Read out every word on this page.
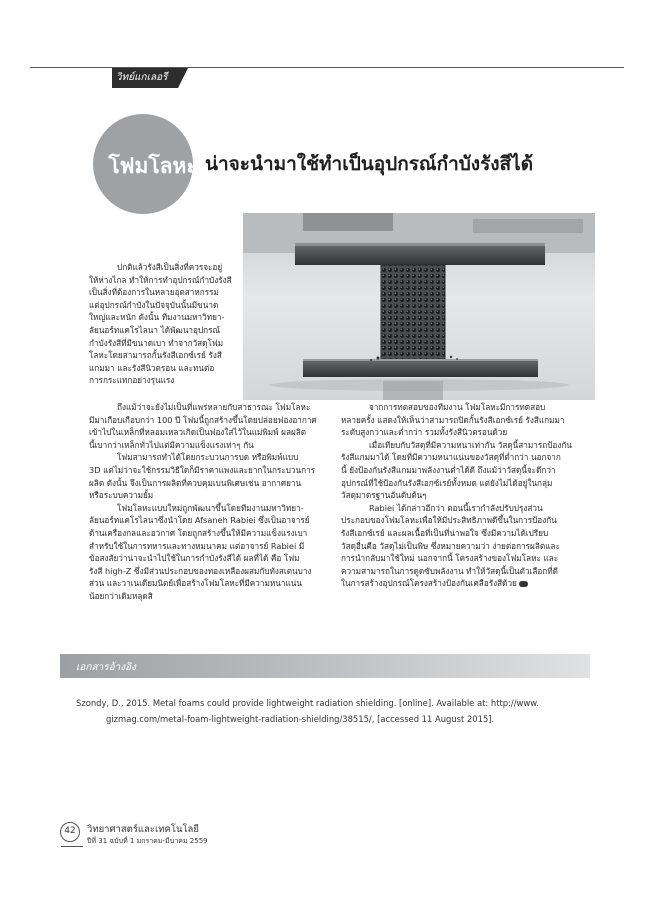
วิทย์แกเลอรี
โฟมโลหะ น่าจะนำมาใช้ทำเป็นอุปกรณ์กำบังรังสีได้
ปกติแล้วรังสีเป็นสิ่งที่ควรจะอยู่
ให้ห่างไกล ทำให้การทำอุปกรณ์กำบังรังสี
เป็นสิ่งที่ต้องการในหลายอุตสาหกรรม
แต่อุปกรณ์กำบังในปัจจุบันนั้นมีขนาด
ใหญ่และหนัก ดังนั้น ทีมงานมหาวิทยา-
ลัยนอร์ทแคโรไลนา ได้พัฒนาอุปกรณ์
กำบังรังสีที่มีขนาดเบา ทำจากวัสดุโฟม
โลหะโดยสามารถกั้นรังสีเอกซ์เรย์ รังสี
แกมมา และรังสีนิวตรอน และทนต่อ
การกระแทกอย่างรุนแรง
ถึงแม้ว่าจะยังไม่เป็นที่แพร่หลายกับสาธารณะ โฟมโลหะ
มีมาเกือบเกือบกว่า 100 ปี โฟมนี้ถูกสร้างขึ้นโดยปล่อยฟองอากาศ
เข้าไปในเหล็กที่หลอมเหลวเกิดเป็นฟองใส่ไว้ในแม่พิมพ์ ผลผลิต
นี้เบากว่าเหล็กทั่วไปแต่มีความแข็งแรงเท่าๆ กัน
โฟมสามารถทำได้โดยกระบวนการบด หรือพิมพ์แบบ
3D แต่ไม่ว่าจะใช้กรรมวิธีใดก็มีราคาแพงและยากในกระบวนการ
ผลิต ดังนั้น จึงเป็นการผลิตที่ควบคุมเบนพิเศษเช่น อากาศยาน
หรือระบบความยั้ม
โฟมโลหะแบบใหม่ถูกพัฒนาขึ้นโดยทีมงานมหาวิทยา-
ลัยนอร์ทแคโรไลนาซึ่งนำโดย Afsaneh Rabiei ซึ่งเป็นอาจารย์
ด้านเครื่องกลและอวกาศ โดยถูกสร้างขึ้นให้มีความแข็งแรงเบา
สำหรับใช้ในการทหารและทางหมนาคม แต่อาจารย์ Rabiei มี
ข้อสงสัยว่าน่าจะนำไปใช้ในการกำบังรังสีได้ ผลที่ได้ คือ โฟม
รังสี high-Z ซึ่งมีส่วนประกอบของทองเหลืองผสมกับทังสเตนบาง
ส่วน และวาเนเดียมนิตย์เพื่อสร้างโฟมโลหะที่มีความหนาแน่น
น้อยกว่าเดิมหลุดสิ
จากการทดสอบของทีมงาน โฟมโลหะมีการทดสอบ
หลายครั้ง แสดงให้เห็นว่าสามารถปิดกั้นรังสีเอกซ์เรย์ รังสีแกมมา
ระดับสูงกว่าและต่ำกว่า รวมทั้งรังสีนิวตรอนด้วย
เมื่อเทียบกับวัสดุที่มีความหนาเท่ากัน วัสดุนี้สามารถป้องกัน
รังสีแกมมาได้ โดยที่มีความหนาแน่นของวัสดุที่ต่ำกว่า นอกจาก
นี้ ยังป้องกันรังสีแกมมาพลังงานต่ำได้ดี ถึงแม้ว่าวัสดุนี้จะดีกว่า
อุปกรณ์ที่ใช้ป้องกันรังสีเอกซ์เรย์ทั้งหมด แต่ยังไม่ได้อยู่ในกลุ่ม
วัสดุมาตรฐานอันดับต้นๆ
Rabiei ได้กล่าวอีกว่า ตอนนี้เรากำลังปรับปรุงส่วน
ประกอบของโฟมโลหะเพื่อให้มีประสิทธิภาพดีขึ้นในการป้องกัน
รังสีเอกซ์เรย์ และผลเนื้อที่เป็นที่น่าพอใจ ซึ่งมีความได้เปรียบ
วัสดุอื่นคือ วัสดุไม่เป็นพิษ ซึ่งหมายความว่า ง่ายต่อการผลิตและ
การนำกลับมาใช้ใหม่ นอกจากนี้ โครงสร้างของโฟมโลหะ และ
ความสามารถในการดูดซับพลังงาน ทำให้วัสดุนี้เป็นตัวเลือกที่ดี
ในการสร้างอุปกรณ์โครงสร้างป้องกันเคลือรังสีด้วย
เอกสารอ้างอิง
Szondy, D., 2015. Metal foams could provide lightweight radiation shielding. [online]. Available at: http://www.
gizmag.com/metal-foam-lightweight-radiation-shielding/38515/, [accessed 11 August 2015].
42	วิทยาศาสตร์และเทคโนโลยี
ปีที่ 31 ฉบับที่ 1 มกราคม-มีนาคม 2559
